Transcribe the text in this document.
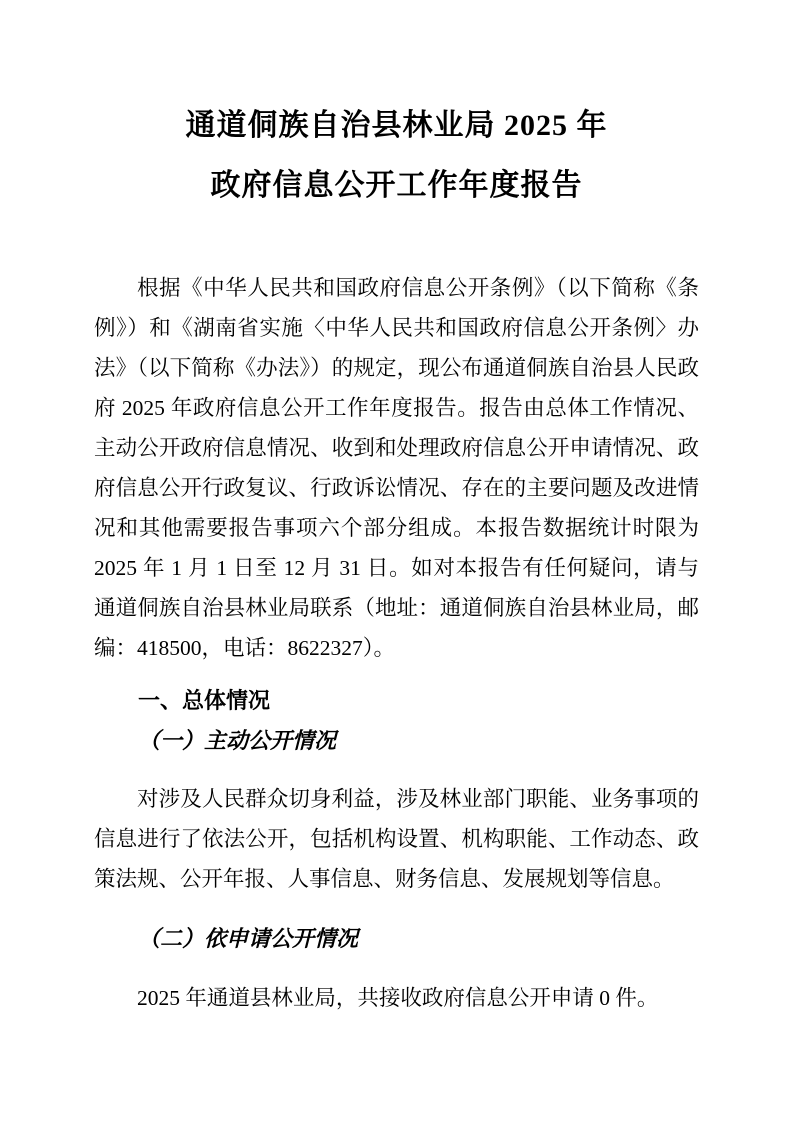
通道侗族自治县林业局 2025 年
政府信息公开工作年度报告

根据《中华人民共和国政府信息公开条例》（以下简称《条例》）和《湖南省实施〈中华人民共和国政府信息公开条例〉办法》（以下简称《办法》）的规定，现公布通道侗族自治县人民政府 2025 年政府信息公开工作年度报告。报告由总体工作情况、主动公开政府信息情况、收到和处理政府信息公开申请情况、政府信息公开行政复议、行政诉讼情况、存在的主要问题及改进情况和其他需要报告事项六个部分组成。本报告数据统计时限为 2025 年 1 月 1 日至 12 月 31 日。如对本报告有任何疑问，请与通道侗族自治县林业局联系（地址：通道侗族自治县林业局，邮编：418500，电话：8622327）。

一、总体情况
（一）主动公开情况

对涉及人民群众切身利益，涉及林业部门职能、业务事项的信息进行了依法公开，包括机构设置、机构职能、工作动态、政策法规、公开年报、人事信息、财务信息、发展规划等信息。

（二）依申请公开情况

2025 年通道县林业局，共接收政府信息公开申请 0 件。
